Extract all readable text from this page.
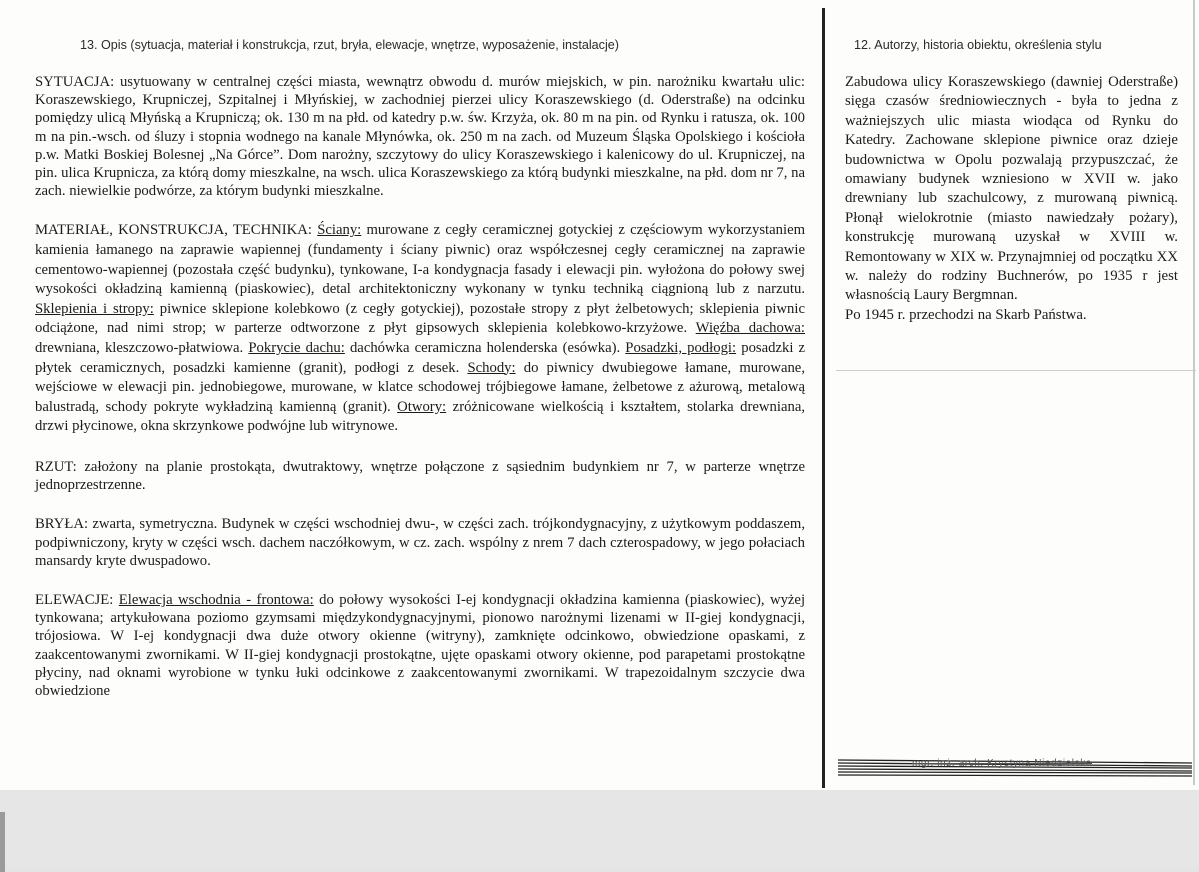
13. Opis (sytuacja, materiał i konstrukcja, rzut, bryła, elewacje, wnętrze, wyposażenie, instalacje)	12. Autorzy, historia obiektu, określenia stylu

SYTUACJA: usytuowany w centralnej części miasta, wewnątrz obwodu d. murów miejskich, w pin. narożniku kwartału ulic: Koraszewskiego, Krupniczej, Szpitalnej i Młyńskiej, w zachodniej pierzei ulicy Koraszewskiego (d. Oderstraße) na odcinku pomiędzy ulicą Młyńską a Krupniczą; ok. 130 m na płd. od katedry p.w. św. Krzyża, ok. 80 m na pin. od Rynku i ratusza, ok. 100 m na pin.-wsch. od śluzy i stopnia wodnego na kanale Młynówka, ok. 250 m na zach. od Muzeum Śląska Opolskiego i kościoła p.w. Matki Boskiej Bolesnej „Na Górce”. Dom narożny, szczytowy do ulicy Koraszewskiego i kalenicowy do ul. Krupniczej, na pin. ulica Krupnicza, za którą domy mieszkalne, na wsch. ulica Koraszewskiego za którą budynki mieszkalne, na płd. dom nr 7, na zach. niewielkie podwórze, za którym budynki mieszkalne.

MATERIAŁ, KONSTRUKCJA, TECHNIKA: Ściany: murowane z cegły ceramicznej gotyckiej z częściowym wykorzystaniem kamienia łamanego na zaprawie wapiennej (fundamenty i ściany piwnic) oraz współczesnej cegły ceramicznej na zaprawie cementowo-wapiennej (pozostała część budynku), tynkowane, I-a kondygnacja fasady i elewacji pin. wyłożona do połowy swej wysokości okładziną kamienną (piaskowiec), detal architektoniczny wykonany w tynku techniką ciągnioną lub z narzutu. Sklepienia i stropy: piwnice sklepione kolebkowo (z cegły gotyckiej), pozostałe stropy z płyt żelbetowych; sklepienia piwnic odciążone, nad nimi strop; w parterze odtworzone z płyt gipsowych sklepienia kolebkowo-krzyżowe. Więźba dachowa: drewniana, kleszczowo-płatwiowa. Pokrycie dachu: dachówka ceramiczna holenderska (esówka). Posadzki, podłogi: posadzki z płytek ceramicznych, posadzki kamienne (granit), podłogi z desek. Schody: do piwnicy dwubiegowe łamane, murowane, wejściowe w elewacji pin. jednobiegowe, murowane, w klatce schodowej trójbiegowe łamane, żelbetowe z ażurową, metalową balustradą, schody pokryte wykładziną kamienną (granit). Otwory: zróżnicowane wielkością i kształtem, stolarka drewniana, drzwi płycinowe, okna skrzynkowe podwójne lub witrynowe.

RZUT: założony na planie prostokąta, dwutraktowy, wnętrze połączone z sąsiednim budynkiem nr 7, w parterze wnętrze jednoprzestrzenne.

BRYŁA: zwarta, symetryczna. Budynek w części wschodniej dwu-, w części zach. trójkondygnacyjny, z użytkowym poddaszem, podpiwniczony, kryty w części wsch. dachem naczółkowym, w cz. zach. wspólny z nrem 7 dach czterospadowy, w jego połaciach mansardy kryte dwuspadowo.

ELEWACJE: Elewacja wschodnia - frontowa: do połowy wysokości I-ej kondygnacji okładzina kamienna (piaskowiec), wyżej tynkowana; artykułowana poziomo gzymsami międzykondygnacyjnymi, pionowo narożnymi lizenami w II-giej kondygnacji, trójosiowa. W I-ej kondygnacji dwa duże otwory okienne (witryny), zamknięte odcinkowo, obwiedzione opaskami, z zaakcentowanymi zwornikami. W II-giej kondygnacji prostokątne, ujęte opaskami otwory okienne, pod parapetami prostokątne płyciny, nad oknami wyrobione w tynku łuki odcinkowe z zaakcentowanymi zwornikami. W trapezoidalnym szczycie dwa obwiedzione

Zabudowa ulicy Koraszewskiego (dawniej Oderstraße) sięga czasów średniowiecznych - była to jedna z ważniejszych ulic miasta wiodąca od Rynku do Katedry. Zachowane sklepione piwnice oraz dzieje budownictwa w Opolu pozwalają przypuszczać, że omawiany budynek wzniesiono w XVII w. jako drewniany lub szachulcowy, z murowaną piwnicą. Płonął wielokrotnie (miasto nawiedzały pożary), konstrukcję murowaną uzyskał w XVIII w. Remontowany w XIX w. Przynajmniej od początku XX w. należy do rodziny Buchnerów, po 1935 r jest własnością Laury Bergmnan.

Po 1945 r. przechodzi na Skarb Państwa.

mgr. inż. arch. Krystyna Niedzielska
